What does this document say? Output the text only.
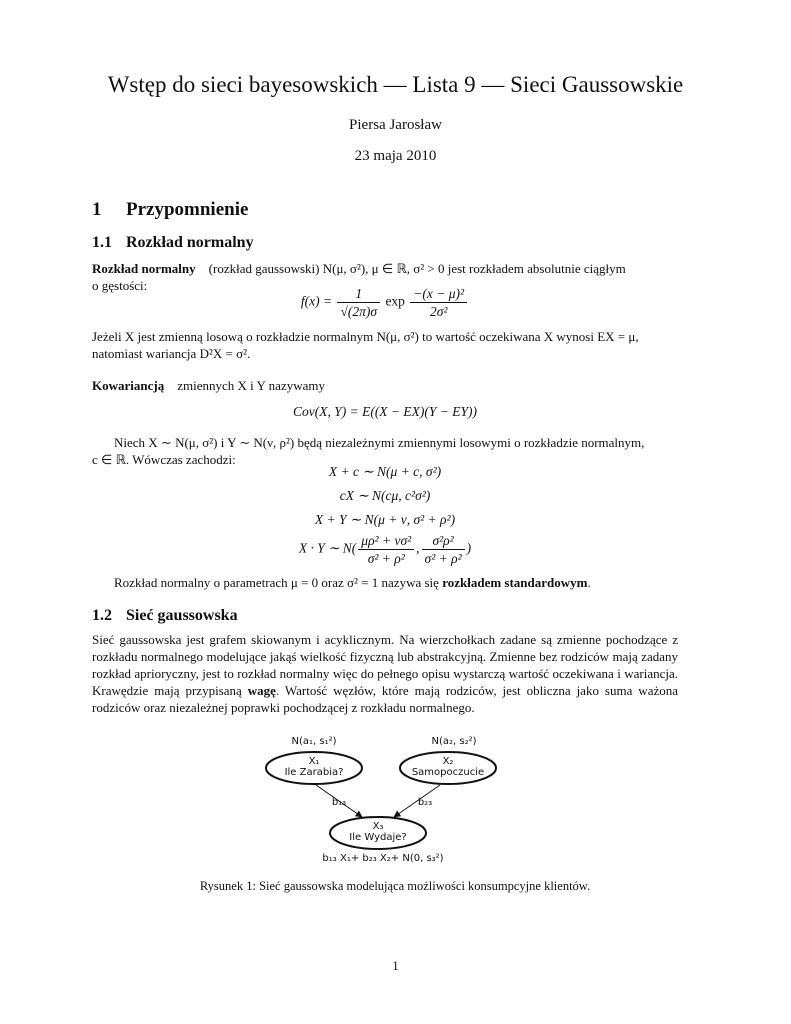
Wstęp do sieci bayesowskich — Lista 9 — Sieci Gaussowskie
Piersa Jarosław
23 maja 2010
1 Przypomnienie
1.1 Rozkład normalny
Rozkład normalny (rozkład gaussowski) N(μ, σ²), μ ∈ ℝ, σ² > 0 jest rozkładem absolutnie ciągłym
o gęstości:
$f(x) = \frac{1}{√(2\pi)\sigma}$ $\exp \frac{\text{−(x − μ)²}}{\text{2σ²}}$
Jeżeli X jest zmienną losową o rozkładzie normalnym N(μ, σ²) to wartość oczekiwana X wynosi EX = μ,
natomiast wariancja D²X = σ².
Kowariancją zmiennych X i Y nazywamy
Cov(X, Y) = E((X − EX)(Y − EY))
Niech X ∼ N(μ, σ²) i Y ∼ N(ν, ρ²) będą niezależnymi zmiennymi losowymi o rozkładzie normalnym,
c ∈ ℝ. Wówczas zachodzi:
X + c ∼ N(μ + c, σ²)
cX ∼ N(cμ, c²σ²)
X + Y ∼ N(μ + ν, σ² + ρ²)
X · Y ∼ $N( \frac{\text{μρ² + νσ²}}{\text{σ² + ρ²}}$ , $\frac{\text{σ²ρ²}}{\text{σ² + ρ²}}$ )
Rozkład normalny o parametrach μ = 0 oraz σ² = 1 nazywa się rozkładem standardowym.
1.2 Sieć gaussowska
Sieć gaussowska jest grafem skiowanym i acyklicznym. Na wierzchołkach zadane są zmienne pochodzące z rozkładu normalnego modelujące jakąś wielkość fizyczną lub abstrakcyjną. Zmienne bez rodziców mają zadany rozkład aprioryczny, jest to rozkład normalny więc do pełnego opisu wystarczą wartość oczekiwana i wariancja. Krawędzie mają przypisaną wagę. Wartość węzłów, które mają rodziców, jest obliczna jako suma ważona rodziców oraz niezależnej poprawki pochodzącej z rozkładu normalnego.
N(a₁, s₁²)
X₁
Ile Zarabia?
N(a₂, s₂²)
X₂
Samopoczucie
X₃
Ile Wydaje?
b₁₃ X₁+ b₂₃ X₂+ N(0, s₃²)
b₁₃	b₂₃
Rysunek 1: Sieć gaussowska modelująca możliwości konsumpcyjne klientów.
1
